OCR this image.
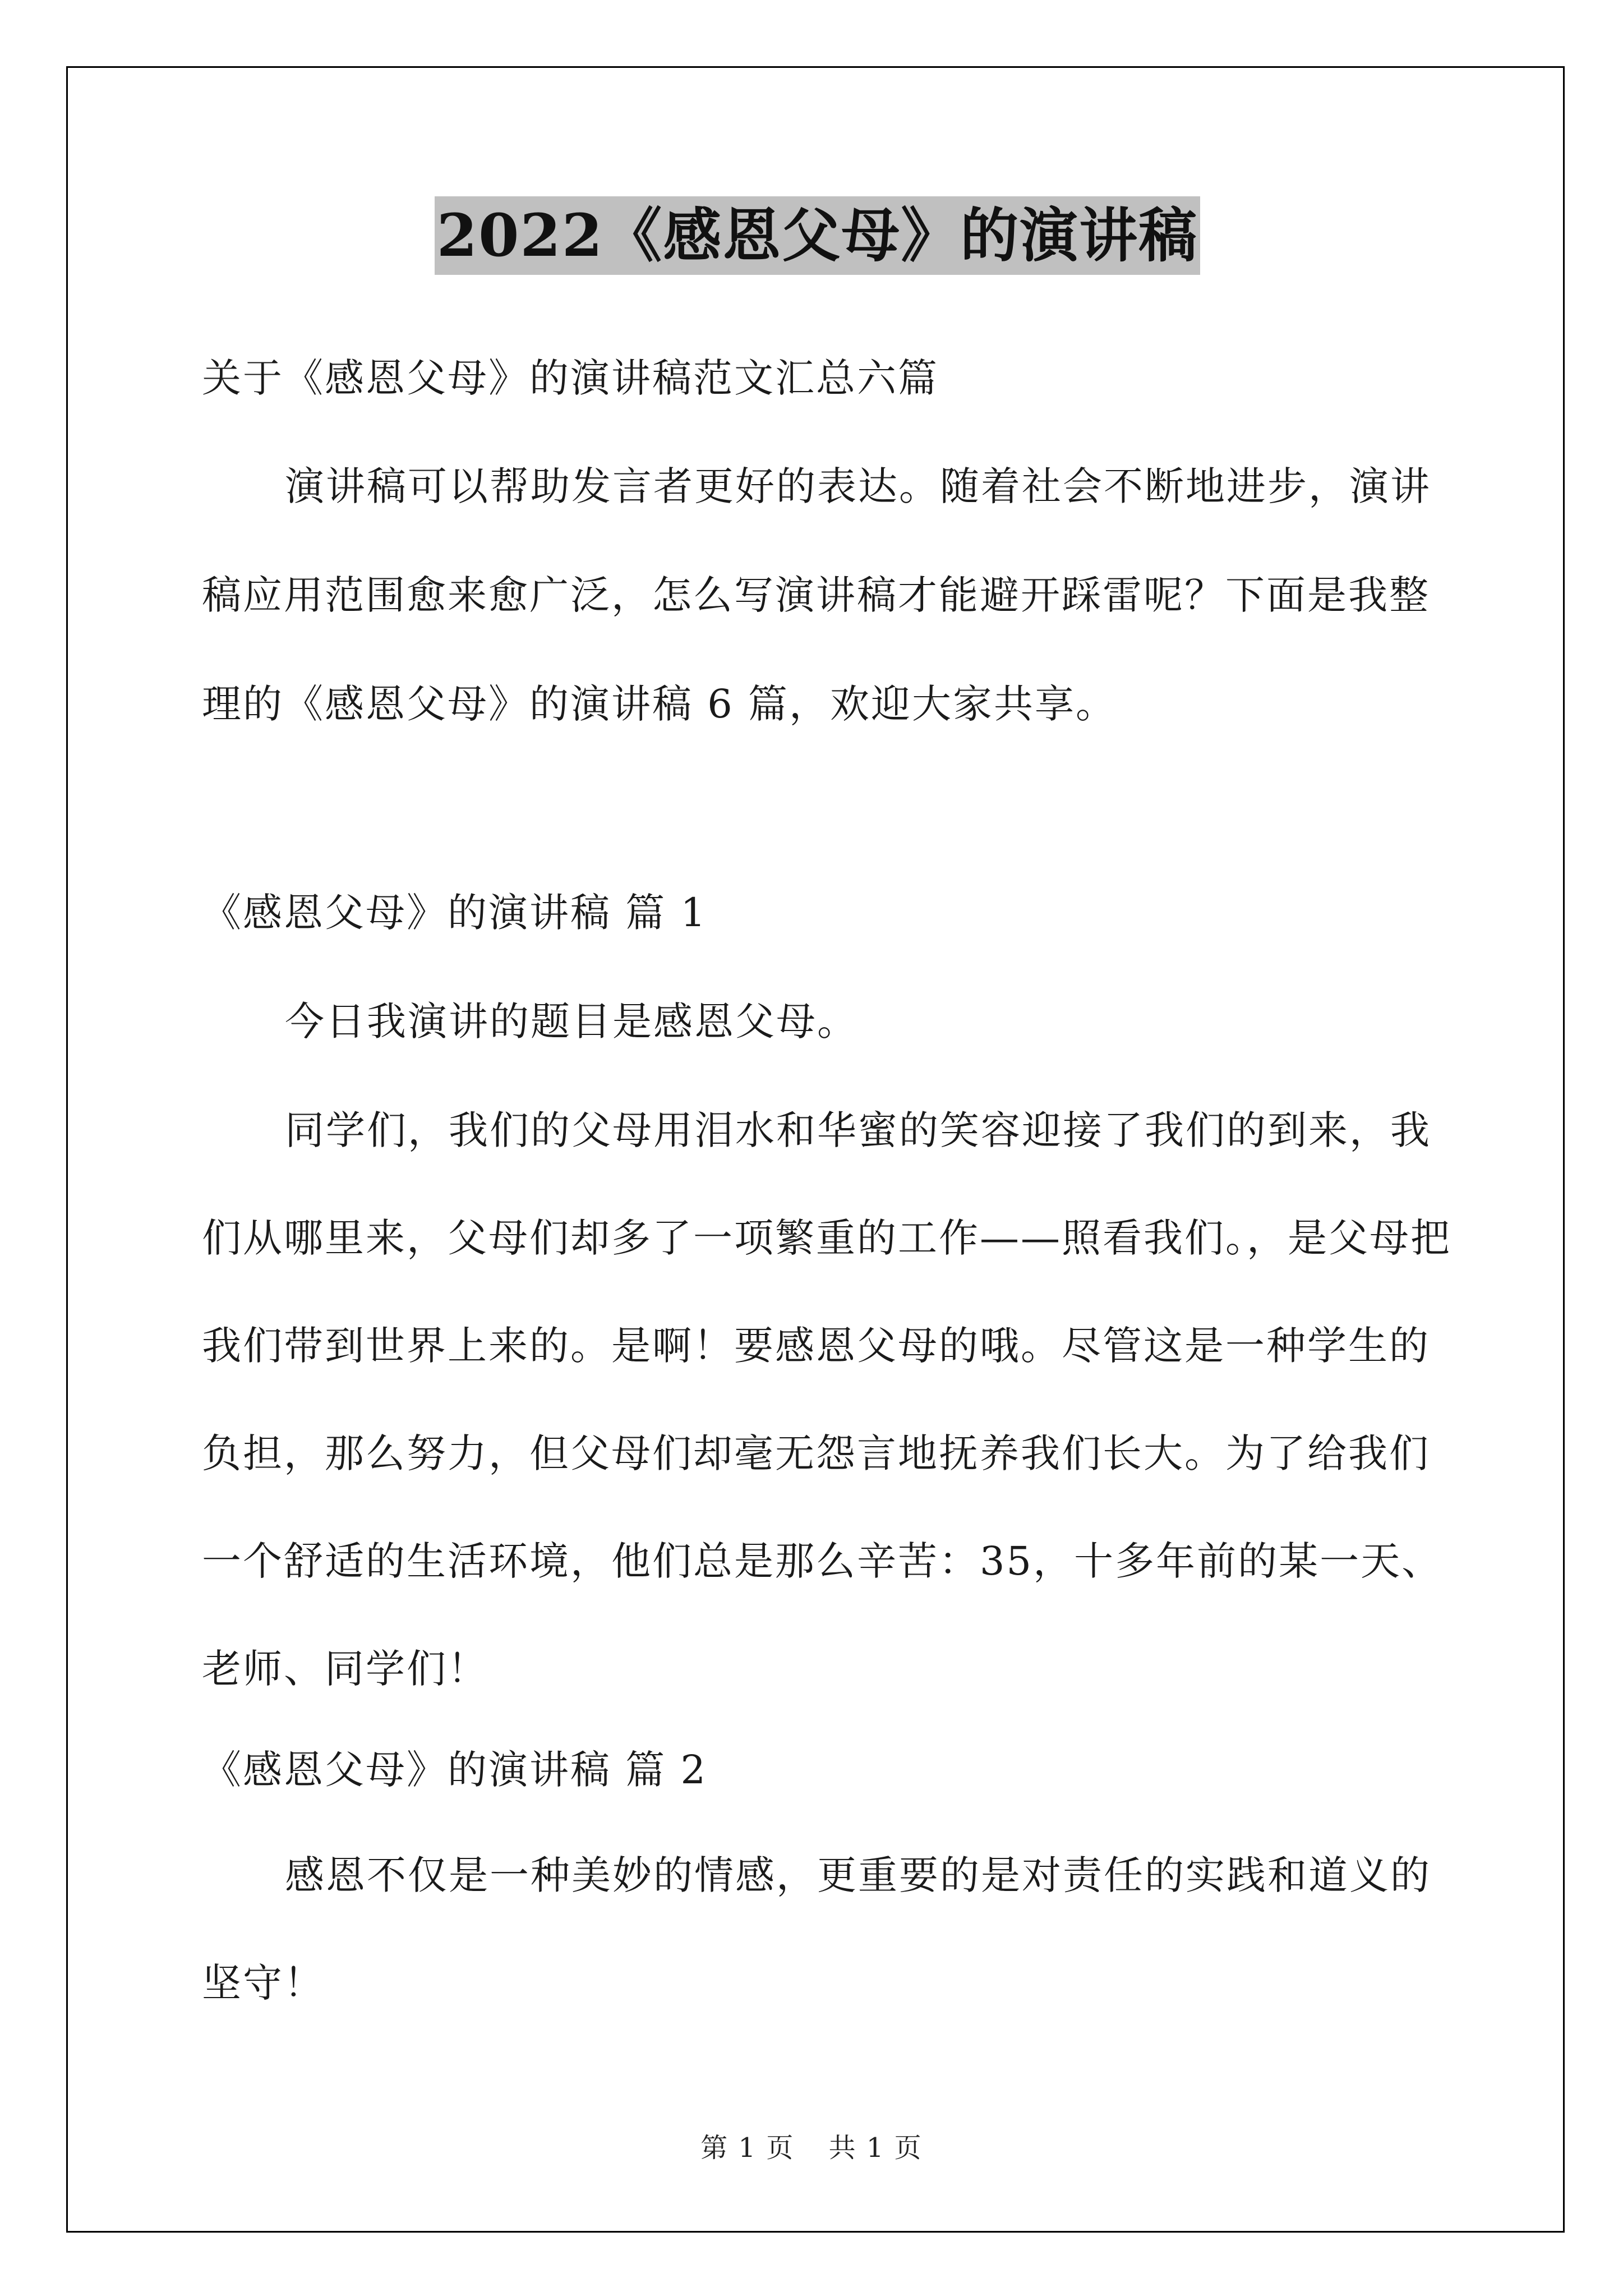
2022《感恩父母》的演讲稿

关于《感恩父母》的演讲稿范文汇总六篇

演讲稿可以帮助发言者更好的表达。随着社会不断地进步，演讲

稿应用范围愈来愈广泛，怎么写演讲稿才能避开踩雷呢？下面是我整

理的《感恩父母》的演讲稿 6 篇，欢迎大家共享。

《感恩父母》的演讲稿 篇 1

今日我演讲的题目是感恩父母。

同学们，我们的父母用泪水和华蜜的笑容迎接了我们的到来，我

们从哪里来，父母们却多了一项繁重的工作——照看我们。，是父母把

我们带到世界上来的。是啊！要感恩父母的哦。尽管这是一种学生的

负担，那么努力，但父母们却毫无怨言地抚养我们长大。为了给我们

一个舒适的生活环境，他们总是那么辛苦：35，十多年前的某一天、

老师、同学们！

《感恩父母》的演讲稿 篇 2

感恩不仅是一种美妙的情感，更重要的是对责任的实践和道义的

坚守！

第 1 页 共 1 页
